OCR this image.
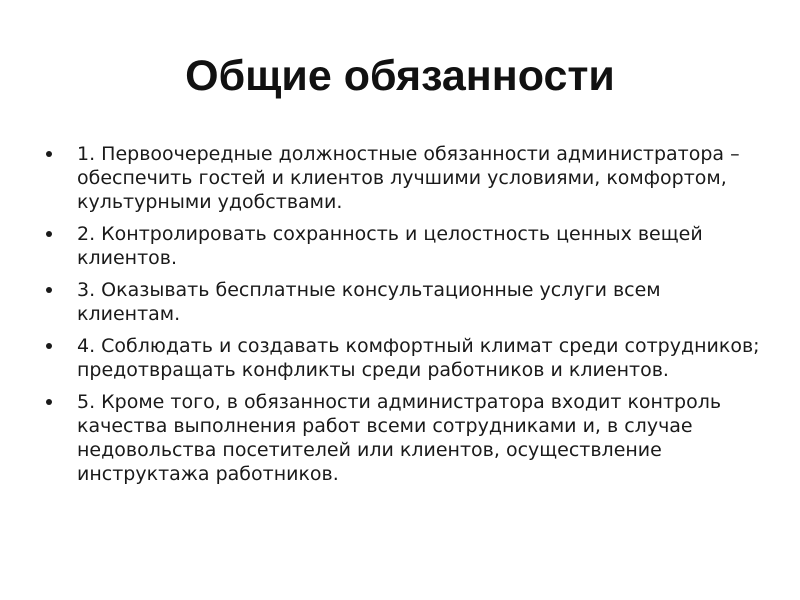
Общие обязанности
1. Первоочередные должностные обязанности администратора – обеспечить гостей и клиентов лучшими условиями, комфортом, культурными удобствами.
2. Контролировать сохранность и целостность ценных вещей клиентов.
3. Оказывать бесплатные консультационные услуги всем клиентам.
4. Соблюдать и создавать комфортный климат среди сотрудников; предотвращать конфликты среди работников и клиентов.
5. Кроме того, в обязанности администратора входит контроль качества выполнения работ всеми сотрудниками и, в случае недовольства посетителей или клиентов, осуществление инструктажа работников.
